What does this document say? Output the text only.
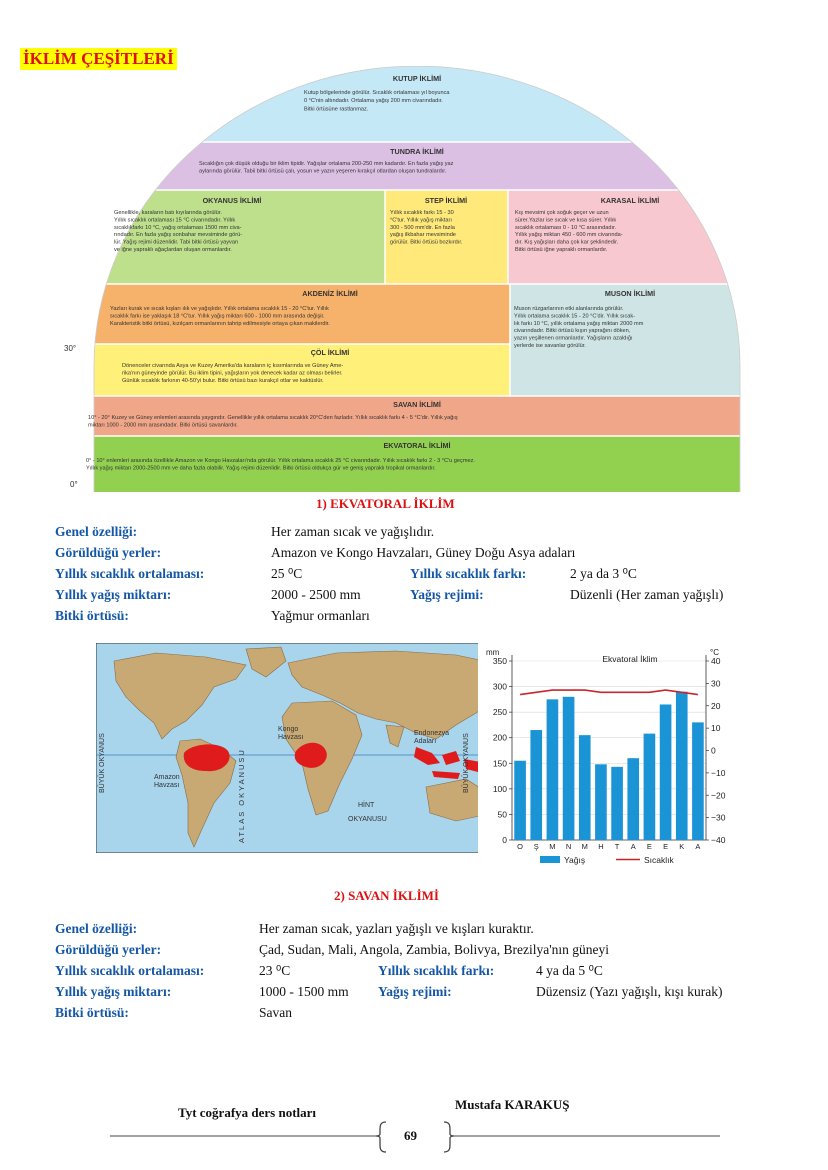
İKLİM ÇEŞİTLERİ
30°
0°
KUTUP İKLİMİ
Kutup bölgelerinde görülür. Sıcaklık ortalaması yıl boyunca
0 °C'nin altındadır. Ortalama yağış 200 mm civarındadır.
Bitki örtüsüne rastlanmaz.
TUNDRA İKLİMİ
Sıcaklığın çok düşük olduğu bir iklim tipidir. Yağışlar ortalama 200-250 mm kadardır. En fazla yağış yaz
aylarında görülür. Tabii bitki örtüsü çalı, yosun ve yazın yeşeren kırakçıl otlardan oluşan tundralardır.
OKYANUS İKLİMİ
Genellikle, karaların batı kıyılarında görülür.
Yıllık sıcaklık ortalaması 15 °C civarındadır. Yıllık
sıcaklıkfarkı 10 °C, yağış ortalaması 1500 mm civa-
rındadır. En fazla yağış sonbahar mevsiminde görü-
lür. Yağış rejimi düzenlidir. Tabi bitki örtüsü yayvan
ve iğne yapraklı ağaçlardan oluşan ormanlardır.
STEP İKLİMİ
Yıllık sıcaklık farkı 15 - 30
°C'tur. Yıllık yağış miktarı
300 - 500 mm'dir. En fazla
yağış ilkbahar mevsiminde
görülür. Bitki örtüsü bozkırdır.
KARASAL İKLİMİ
Kış mevsimi çok soğuk geçer ve uzun
sürer.Yazlar ise sıcak ve kısa sürer. Yıllık
sıcaklık ortalaması 0 - 10 °C arasındadır.
Yıllık yağış miktarı 450 - 600 mm civarında-
dır. Kış yağışları daha çok kar şeklindedir.
Bitki örtüsü iğne yapraklı ormanlardır.
AKDENİZ İKLİMİ
Yazları kurak ve sıcak kışları ılık ve yağışlıdır. Yıllık ortalama sıcaklık 15 - 20 °C'tur. Yıllık
sıcaklık farkı ise yaklaşık 18 °C'tur. Yıllık yağış miktarı 600 - 1000 mm arasında değişir.
Karakteristik bitki örtüsü, kızılçam ormanlarının tahrip edilmesiyle ortaya çıkan makilerdir.
MUSON İKLİMİ
Muson rüzgarlarının etki alanlarında görülür.
Yıllık ortalama sıcaklık 15 - 20 °C'dir. Yıllık sıcak-
lık farkı 10 °C, yıllık ortalama yağış miktarı 2000 mm
civarındadır. Bitki örtüsü kışın yaprağını döken,
yazın yeşillenen ormanlardır. Yağışların azaldığı
yerlerde ise savanlar görülür.
ÇÖL İKLİMİ
Dönenceler civarında Asya ve Kuzey Amerika'da karaların iç kısımlarında ve Güney Ame-
rika'nın güneyinde görülür. Bu iklim tipini, yağışların yok denecek kadar az olması belirler.
Günlük sıcaklık farkının 40-50'yi bulur. Bitki örtüsü bazı kurakçıl otlar ve kaktüslür.
SAVAN İKLİMİ
10° - 20° Kuzey ve Güney enlemleri arasında yaygındır. Genellikle yıllık ortalama sıcaklık 20°C'den fazladır. Yıllık sıcaklık farkı 4 - 5 °C'dir. Yıllık yağış
miktarı 1000 - 2000 mm arasındadır. Bitki örtüsü savanlardır.
EKVATORAL İKLİMİ
0° - 10° enlemleri arasında özellikle Amazon ve Kongo Havzaları'nda görülür. Yıllık ortalama sıcaklık 25 °C civarındadır. Yıllık sıcaklık farkı 2 - 3 °C'u geçmez.
Yıllık yağış miktarı 2000-2500 mm ve daha fazla olabilir. Yağış rejimi düzenlidir. Bitki örtüsü oldukça gür ve geniş yapraklı tropikal ormanlardır.
1) EKVATORAL İKLİM
Genel özelliği:	Her zaman sıcak ve yağışlıdır.
Görüldüğü yerler:	Amazon ve Kongo Havzaları, Güney Doğu Asya adaları
Yıllık sıcaklık ortalaması:	25 ⁰C	Yıllık sıcaklık farkı:	2 ya da 3 ⁰C
Yıllık yağış miktarı:	2000 - 2500 mm	Yağış rejimi:	Düzenli (Her zaman yağışlı)
Bitki örtüsü:	Yağmur ormanları
BÜYÜK OKYANUS	ATLAS OKYANUSU
Kongo
Havzası
Endonezya
Adaları	BÜYÜK OKYANUS
Amazon
Havzası
HİNT
OKYANUSU
0
50
100
150
200
250
300
350	40
30
20
10
0
−10
−20
−30
−40
mm	°C
Ekvatoral İklim
O Ş M N M H T A E E K A
Yağış	Sıcaklık
2) SAVAN İKLİMİ
Genel özelliği:	Her zaman sıcak, yazları yağışlı ve kışları kuraktır.
Görüldüğü yerler:	Çad, Sudan, Mali, Angola, Zambia, Bolivya, Brezilya'nın güneyi
Yıllık sıcaklık ortalaması:	23 ⁰C	Yıllık sıcaklık farkı:	4 ya da 5 ⁰C
Yıllık yağış miktarı:	1000 - 1500 mm Yağış rejimi:	Düzensiz (Yazı yağışlı, kışı kurak)
Bitki örtüsü:	Savan
Tyt coğrafya ders notları
Mustafa KARAKUŞ
69
